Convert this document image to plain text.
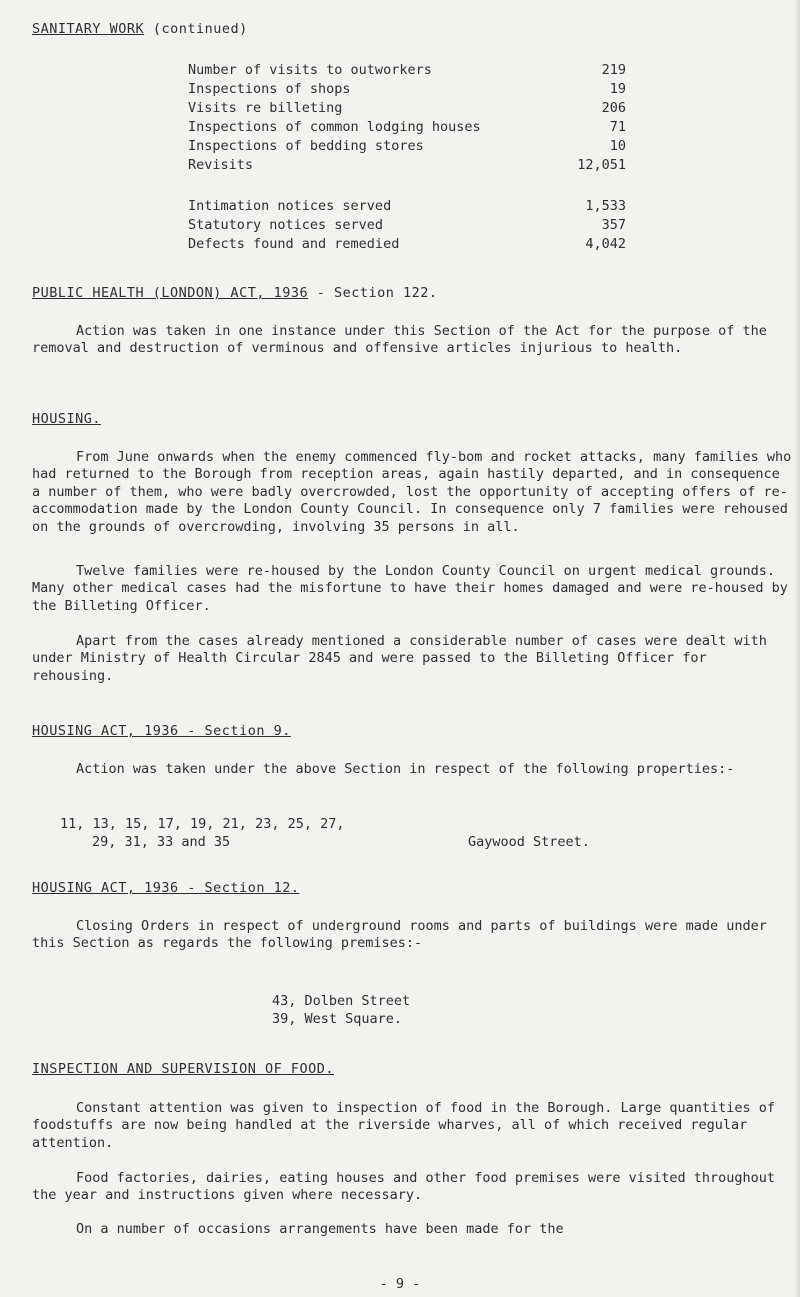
SANITARY WORK (continued)
Number of visits to outworkers	219
Inspections of shops	19
Visits re billeting	206
Inspections of common lodging houses	71
Inspections of bedding stores	10
Revisits	12,051
Intimation notices served	1,533
Statutory notices served	357
Defects found and remedied	4,042
PUBLIC HEALTH (LONDON) ACT, 1936 - Section 122.

Action was taken in one instance under this Section of the Act for the purpose of the removal and destruction of verminous and offensive articles injurious to health.

HOUSING.

From June onwards when the enemy commenced fly-bom and rocket attacks, many families who had returned to the Borough from reception areas, again hastily departed, and in consequence a number of them, who were badly overcrowded, lost the opportunity of accepting offers of re-accommodation made by the London County Council. In consequence only 7 families were rehoused on the grounds of overcrowding, involving 35 persons in all.

Twelve families were re-housed by the London County Council on urgent medical grounds. Many other medical cases had the misfortune to have their homes damaged and were re-housed by the Billeting Officer.

Apart from the cases already mentioned a considerable number of cases were dealt with under Ministry of Health Circular 2845 and were passed to the Billeting Officer for rehousing.

HOUSING ACT, 1936 - Section 9.

Action was taken under the above Section in respect of the following properties:-

11, 13, 15, 17, 19, 21, 23, 25, 27,
29, 31, 33 and 35	Gaywood Street.
HOUSING ACT, 1936 - Section 12.

Closing Orders in respect of underground rooms and parts of buildings were made under this Section as regards the following premises:-

43, Dolben Street
39, West Square.
INSPECTION AND SUPERVISION OF FOOD.

Constant attention was given to inspection of food in the Borough. Large quantities of foodstuffs are now being handled at the riverside wharves, all of which received regular attention.

Food factories, dairies, eating houses and other food premises were visited throughout the year and instructions given where necessary.

On a number of occasions arrangements have been made for the

- 9 -
